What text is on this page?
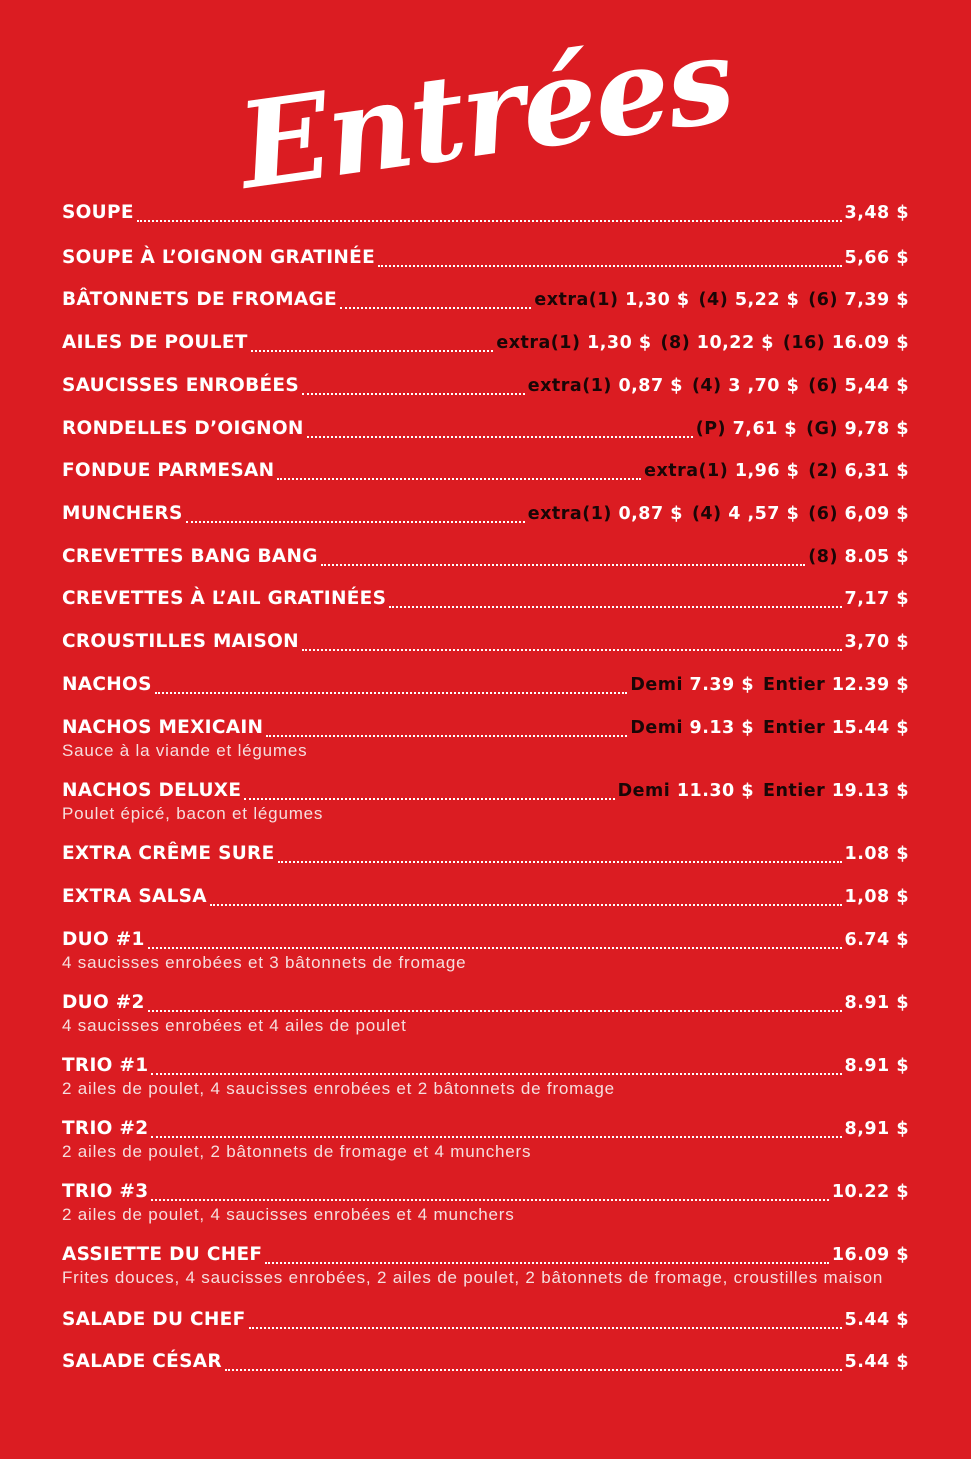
Entrées
SOUPE	3,48 $
SOUPE À L’OIGNON GRATINÉE	5,66 $
BÂTONNETS DE FROMAGE	extra(1) 1,30 $ (4) 5,22 $ (6) 7,39 $
AILES DE POULET	extra(1) 1,30 $ (8) 10,22 $ (16) 16.09 $
SAUCISSES ENROBÉES	extra(1) 0,87 $ (4) 3 ,70 $ (6) 5,44 $
RONDELLES D’OIGNON	(P) 7,61 $ (G) 9,78 $
FONDUE PARMESAN	extra(1) 1,96 $ (2) 6,31 $
MUNCHERS	extra(1) 0,87 $ (4) 4 ,57 $ (6) 6,09 $
CREVETTES BANG BANG	(8) 8.05 $
CREVETTES À L’AIL GRATINÉES	7,17 $
CROUSTILLES MAISON	3,70 $
NACHOS	Demi 7.39 $ Entier 12.39 $
NACHOS MEXICAIN	Demi 9.13 $ Entier 15.44 $
Sauce à la viande et légumes
NACHOS DELUXE	Demi 11.30 $ Entier 19.13 $
Poulet épicé, bacon et légumes
EXTRA CRÊME SURE	1.08 $
EXTRA SALSA	1,08 $
DUO #1	6.74 $
4 saucisses enrobées et 3 bâtonnets de fromage
DUO #2	8.91 $
4 saucisses enrobées et 4 ailes de poulet
TRIO #1	8.91 $
2 ailes de poulet, 4 saucisses enrobées et 2 bâtonnets de fromage
TRIO #2	8,91 $
2 ailes de poulet, 2 bâtonnets de fromage et 4 munchers
TRIO #3	10.22 $
2 ailes de poulet, 4 saucisses enrobées et 4 munchers
ASSIETTE DU CHEF	16.09 $
Frites douces, 4 saucisses enrobées, 2 ailes de poulet, 2 bâtonnets de fromage, croustilles maison
SALADE DU CHEF	5.44 $
SALADE CÉSAR	5.44 $
